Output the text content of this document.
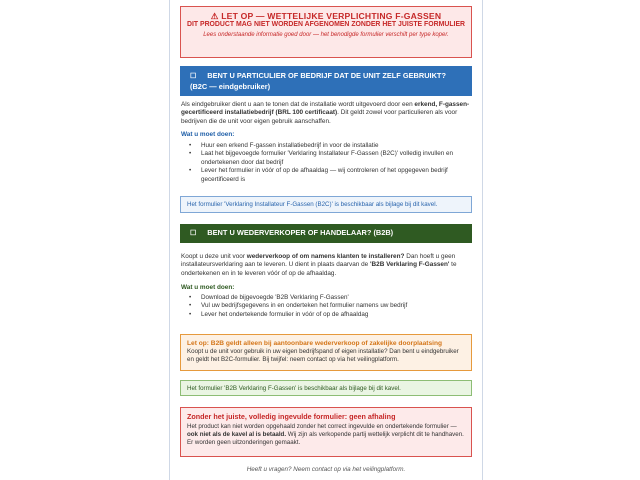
⚠ LET OP — WETTELIJKE VERPLICHTING F-GASSEN
DIT PRODUCT MAG NIET WORDEN AFGENOMEN ZONDER HET JUISTE FORMULIER
Lees onderstaande informatie goed door — het benodigde formulier verschilt per type koper.
☐ BENT U PARTICULIER OF BEDRIJF DAT DE UNIT ZELF GEBRUIKT? (B2C — eindgebruiker)
Als eindgebruiker dient u aan te tonen dat de installatie wordt uitgevoerd door een erkend, F-gassen-gecertificeerd installatiebedrijf (BRL 100 certificaat). Dit geldt zowel voor particulieren als voor bedrijven die de unit voor eigen gebruik aanschaffen.
Wat u moet doen:
• Huur een erkend F-gassen installatiebedrijf in voor de installatie
• Laat het bijgevoegde formulier 'Verklaring Installateur F-Gassen (B2C)' volledig invullen en ondertekenen door dat bedrijf
• Lever het formulier in vóór of op de afhaaldag — wij controleren of het opgegeven bedrijf gecertificeerd is
Het formulier 'Verklaring Installateur F-Gassen (B2C)' is beschikbaar als bijlage bij dit kavel.
☐ BENT U WEDERVERKOPER OF HANDELAAR? (B2B)
Koopt u deze unit voor wederverkoop of om namens klanten te installeren? Dan hoeft u geen installateursverklaring aan te leveren. U dient in plaats daarvan de 'B2B Verklaring F-Gassen' te ondertekenen en in te leveren vóór of op de afhaaldag.
Wat u moet doen:
• Download de bijgevoegde 'B2B Verklaring F-Gassen'
• Vul uw bedrijfsgegevens in en onderteken het formulier namens uw bedrijf
• Lever het ondertekende formulier in vóór of op de afhaaldag
Let op: B2B geldt alleen bij aantoonbare wederverkoop of zakelijke doorplaatsing
Koopt u de unit voor gebruik in uw eigen bedrijfspand of eigen installatie? Dan bent u eindgebruiker en geldt het B2C-formulier. Bij twijfel: neem contact op via het veilingplatform.
Het formulier 'B2B Verklaring F-Gassen' is beschikbaar als bijlage bij dit kavel.
Zonder het juiste, volledig ingevulde formulier: geen afhaling
Het product kan niet worden opgehaald zonder het correct ingevulde en ondertekende formulier — ook niet als de kavel al is betaald. Wij zijn als verkopende partij wettelijk verplicht dit te handhaven. Er worden geen uitzonderingen gemaakt.
Heeft u vragen? Neem contact op via het veilingplatform.
